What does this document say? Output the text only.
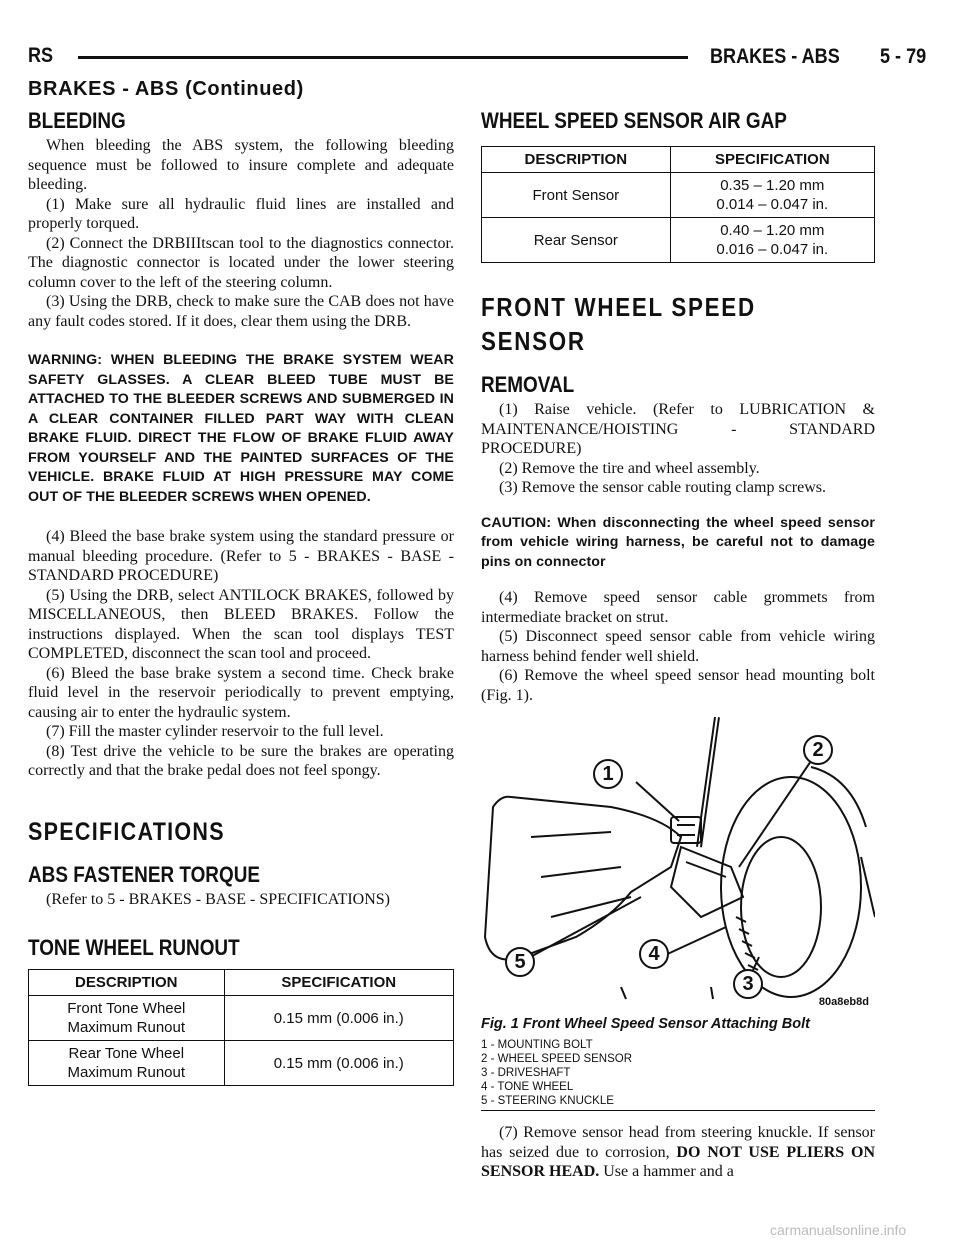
RS	BRAKES - ABS 5 - 79
BRAKES - ABS (Continued)
BLEEDING

When bleeding the ABS system, the following bleeding sequence must be followed to insure complete and adequate bleeding.

(1) Make sure all hydraulic fluid lines are installed and properly torqued.

(2) Connect the DRBIIItscan tool to the diagnostics connector. The diagnostic connector is located under the lower steering column cover to the left of the steering column.

(3) Using the DRB, check to make sure the CAB does not have any fault codes stored. If it does, clear them using the DRB.

WARNING: WHEN BLEEDING THE BRAKE SYSTEM WEAR SAFETY GLASSES. A CLEAR BLEED TUBE MUST BE ATTACHED TO THE BLEEDER SCREWS AND SUBMERGED IN A CLEAR CONTAINER FILLED PART WAY WITH CLEAN BRAKE FLUID. DIRECT THE FLOW OF BRAKE FLUID AWAY FROM YOURSELF AND THE PAINTED SURFACES OF THE VEHICLE. BRAKE FLUID AT HIGH PRESSURE MAY COME OUT OF THE BLEEDER SCREWS WHEN OPENED.

(4) Bleed the base brake system using the standard pressure or manual bleeding procedure. (Refer to 5 - BRAKES - BASE - STANDARD PROCEDURE)

(5) Using the DRB, select ANTILOCK BRAKES, followed by MISCELLANEOUS, then BLEED BRAKES. Follow the instructions displayed. When the scan tool displays TEST COMPLETED, disconnect the scan tool and proceed.

(6) Bleed the base brake system a second time. Check brake fluid level in the reservoir periodically to prevent emptying, causing air to enter the hydraulic system.

(7) Fill the master cylinder reservoir to the full level.

(8) Test drive the vehicle to be sure the brakes are operating correctly and that the brake pedal does not feel spongy.

SPECIFICATIONS
ABS FASTENER TORQUE

(Refer to 5 - BRAKES - BASE - SPECIFICATIONS)

TONE WHEEL RUNOUT
DESCRIPTION	SPECIFICATION

Front Tone Wheel
Maximum Runout	0.15 mm (0.006 in.)

Rear Tone Wheel
Maximum Runout	0.15 mm (0.006 in.)
WHEEL SPEED SENSOR AIR GAP
DESCRIPTION	SPECIFICATION
Front Sensor	0.35 – 1.20 mm
0.014 – 0.047 in.

Rear Sensor	0.40 – 1.20 mm
0.016 – 0.047 in.
FRONT WHEEL SPEED
SENSOR
REMOVAL

(1) Raise vehicle. (Refer to LUBRICATION & MAINTENANCE/HOISTING - STANDARD PROCEDURE)

(2) Remove the tire and wheel assembly.

(3) Remove the sensor cable routing clamp screws.

CAUTION: When disconnecting the wheel speed sensor from vehicle wiring harness, be careful not to damage pins on connector

(4) Remove speed sensor cable grommets from intermediate bracket on strut.

(5) Disconnect speed sensor cable from vehicle wiring harness behind fender well shield.

(6) Remove the wheel speed sensor head mounting bolt (Fig. 1).

1
2
3
4
5
80a8eb8d
Fig. 1 Front Wheel Speed Sensor Attaching Bolt
1 - MOUNTING BOLT
2 - WHEEL SPEED SENSOR
3 - DRIVESHAFT
4 - TONE WHEEL
5 - STEERING KNUCKLE

(7) Remove sensor head from steering knuckle. If sensor has seized due to corrosion, DO NOT USE PLIERS ON SENSOR HEAD. Use a hammer and a

carmanualsonline.info
